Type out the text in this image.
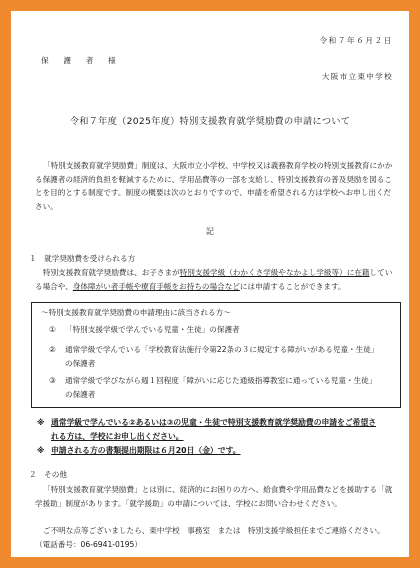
令和７年６月２日
保　護　者　様
大阪市立東中学校
令和７年度（2025年度）特別支援教育就学奨励費の申請について
「特別支援教育就学奨励費」制度は、大阪市立小学校、中学校又は義務教育学校の特別支援教育にかかる保護者の経済的負担を軽減するために、学用品費等の一部を支給し、特別支援教育の普及奨励を図ることを目的とする制度です。制度の概要は次のとおりですので、申請を希望される方は学校へお申し出ください。
記
１　就学奨励費を受けられる方
特別支援教育就学奨励費は、お子さまが特別支援学級（わかくさ学級やなかよし学級等）に在籍している場合や、身体障がい者手帳や療育手帳をお持ちの場合などには申請することができます。
～特別支援教育就学奨励費の申請理由に該当される方～
① 「特別支援学級で学んでいる児童・生徒」の保護者
② 通常学級で学んでいる「学校教育法施行令第22条の３に規定する障がいがある児童・生徒」
の保護者
③ 通常学級で学びながら週１回程度「障がいに応じた通級指導教室に通っている児童・生徒」
の保護者
※ 通常学級で学んでいる②あるいは③の児童・生徒で特別支援教育就学奨励費の申請をご希望さ
れる方は、学校にお申し出ください。
※ 申請される方の書類提出期限は６月20日（金）です。
２　その他
「特別支援教育就学奨励費」とは別に、経済的にお困りの方へ、給食費や学用品費などを援助する「就学援助」制度があります。「就学援助」の申請については、学校にお問い合わせください。
ご不明な点等ございましたら、東中学校　事務室　または　特別支援学級担任までご連絡ください。（電話番号：06-6941-0195）
